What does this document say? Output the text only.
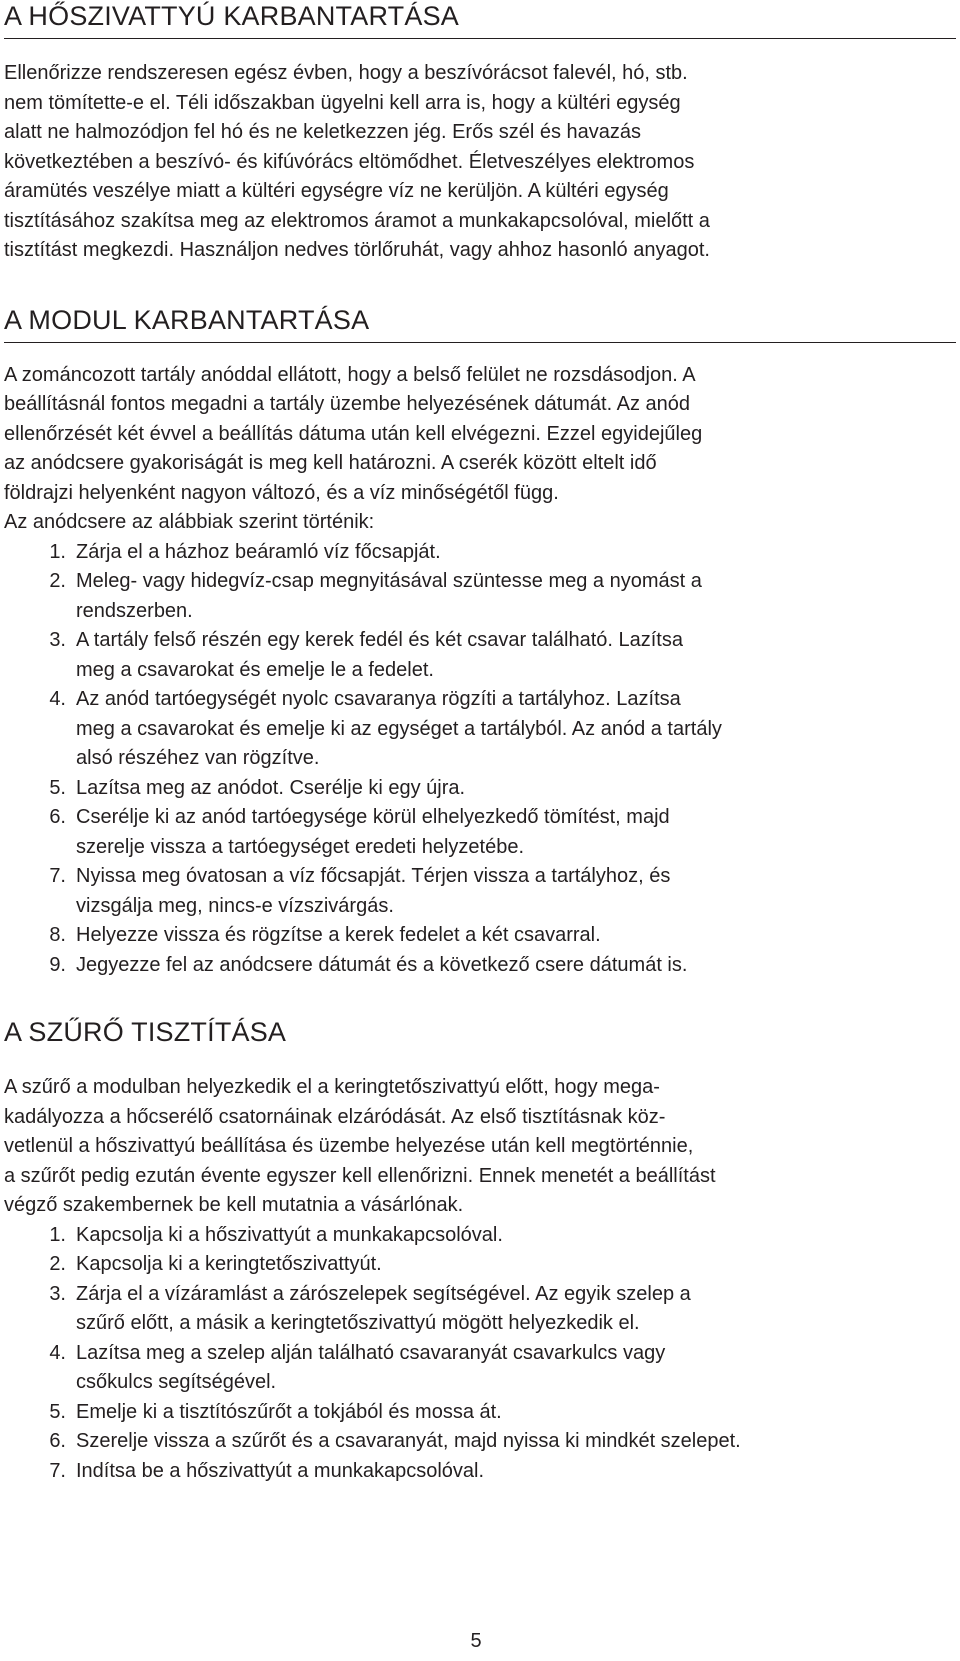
A HŐSZIVATTYÚ KARBANTARTÁSA

Ellenőrizze rendszeresen egész évben, hogy a beszívórácsot falevél, hó, stb.
nem tömítette-e el. Téli időszakban ügyelni kell arra is, hogy a kültéri egység
alatt ne halmozódjon fel hó és ne keletkezzen jég. Erős szél és havazás
következtében a beszívó- és kifúvórács eltömődhet. Életveszélyes elektromos
áramütés veszélye miatt a kültéri egységre víz ne kerüljön. A kültéri egység
tisztításához szakítsa meg az elektromos áramot a munkakapcsolóval, mielőtt a
tisztítást megkezdi. Használjon nedves törlőruhát, vagy ahhoz hasonló anyagot.

A MODUL KARBANTARTÁSA

A zománcozott tartály anóddal ellátott, hogy a belső felület ne rozsdásodjon. A
beállításnál fontos megadni a tartály üzembe helyezésének dátumát. Az anód
ellenőrzését két évvel a beállítás dátuma után kell elvégezni. Ezzel egyidejűleg
az anódcsere gyakoriságát is meg kell határozni. A cserék között eltelt idő
földrajzi helyenként nagyon változó, és a víz minőségétől függ.
Az anódcsere az alábbiak szerint történik:

1. Zárja el a házhoz beáramló víz főcsapját.
2. Meleg- vagy hidegvíz-csap megnyitásával szüntesse meg a nyomást a
rendszerben.
3. A tartály felső részén egy kerek fedél és két csavar található. Lazítsa
meg a csavarokat és emelje le a fedelet.
4. Az anód tartóegységét nyolc csavaranya rögzíti a tartályhoz. Lazítsa
meg a csavarokat és emelje ki az egységet a tartályból. Az anód a tartály
alsó részéhez van rögzítve.
5. Lazítsa meg az anódot. Cserélje ki egy újra.
6. Cserélje ki az anód tartóegysége körül elhelyezkedő tömítést, majd
szerelje vissza a tartóegységet eredeti helyzetébe.
7. Nyissa meg óvatosan a víz főcsapját. Térjen vissza a tartályhoz, és
vizsgálja meg, nincs-e vízszivárgás.
8. Helyezze vissza és rögzítse a kerek fedelet a két csavarral.
9. Jegyezze fel az anódcsere dátumát és a következő csere dátumát is.
A SZŰRŐ TISZTÍTÁSA

A szűrő a modulban helyezkedik el a keringtetőszivattyú előtt, hogy mega-
kadályozza a hőcserélő csatornáinak elzáródását. Az első tisztításnak köz-
vetlenül a hőszivattyú beállítása és üzembe helyezése után kell megtörténnie,
a szűrőt pedig ezután évente egyszer kell ellenőrizni. Ennek menetét a beállítást
végző szakembernek be kell mutatnia a vásárlónak.

1. Kapcsolja ki a hőszivattyút a munkakapcsolóval.
2. Kapcsolja ki a keringtetőszivattyút.
3. Zárja el a vízáramlást a zárószelepek segítségével. Az egyik szelep a
szűrő előtt, a másik a keringtetőszivattyú mögött helyezkedik el.
4. Lazítsa meg a szelep alján található csavaranyát csavarkulcs vagy
csőkulcs segítségével.
5. Emelje ki a tisztítószűrőt a tokjából és mossa át.
6. Szerelje vissza a szűrőt és a csavaranyát, majd nyissa ki mindkét szelepet.
7. Indítsa be a hőszivattyút a munkakapcsolóval.
5
